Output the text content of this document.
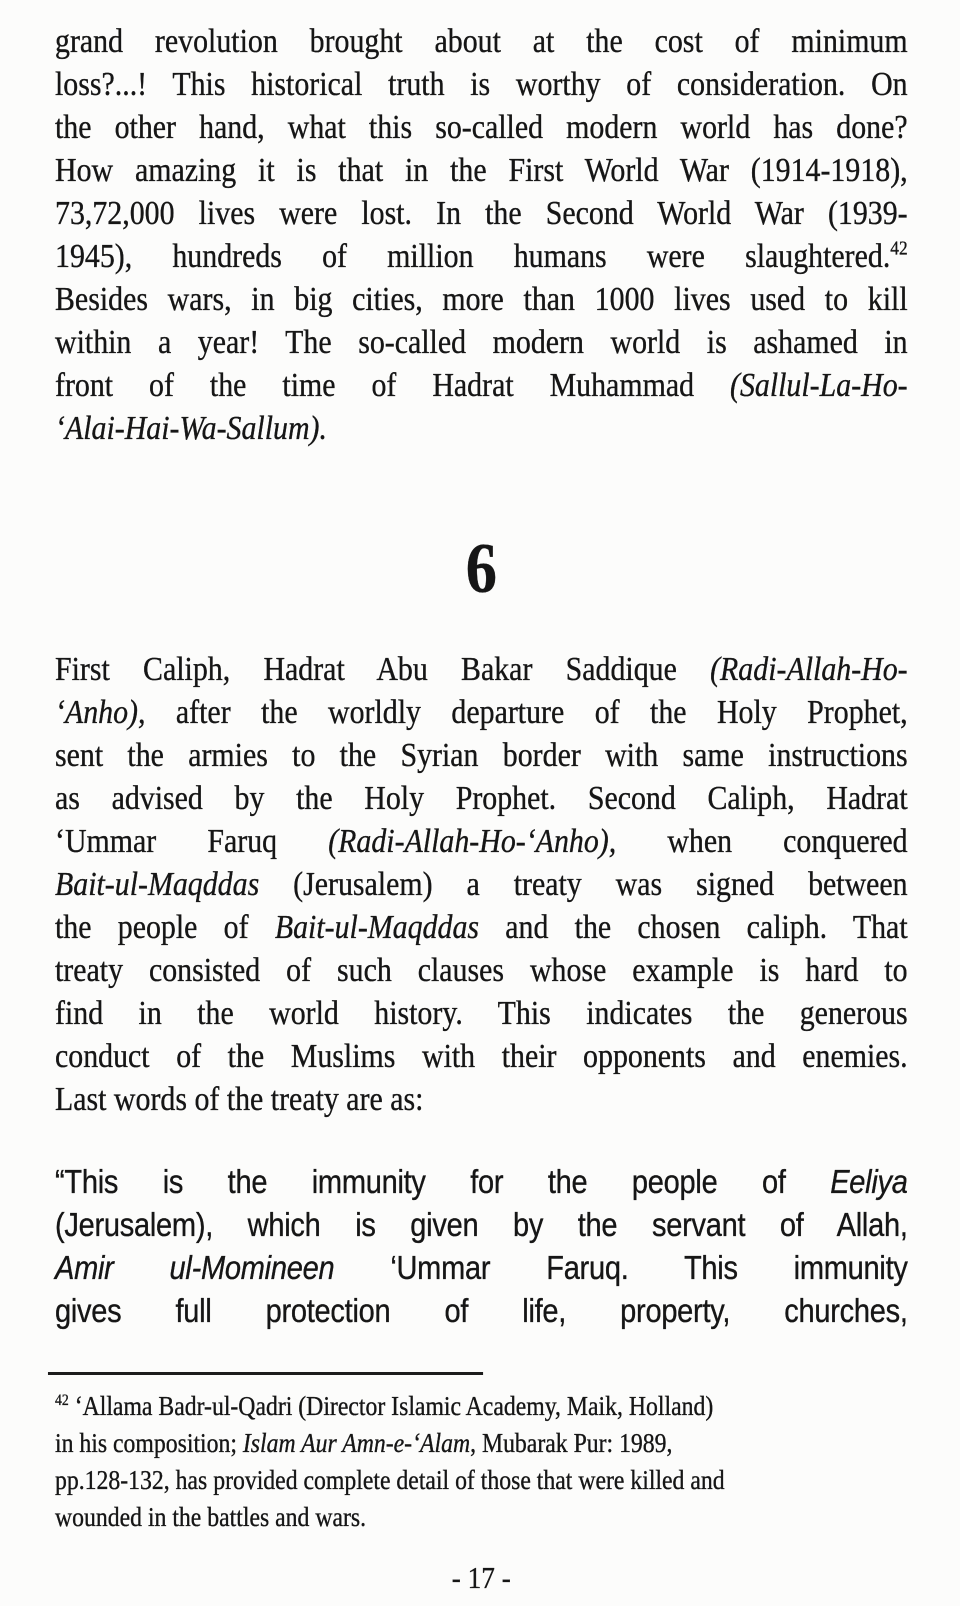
grand revolution brought about at the cost of minimum
loss?...! This historical truth is worthy of consideration. On
the other hand, what this so-called modern world has done?
How amazing it is that in the First World War (1914-1918),
73,72,000 lives were lost. In the Second World War (1939-
1945), hundreds of million humans were slaughtered.$^{42}$
Besides wars, in big cities, more than 1000 lives used to kill
within a year! The so-called modern world is ashamed in
front of the time of Hadrat Muhammad (Sallul-La-Ho-
‘Alai-Hai-Wa-Sallum).
6
First Caliph, Hadrat Abu Bakar Saddique (Radi-Allah-Ho-
‘Anho), after the worldly departure of the Holy Prophet,
sent the armies to the Syrian border with same instructions
as advised by the Holy Prophet. Second Caliph, Hadrat
‘Ummar Faruq (Radi-Allah-Ho-‘Anho), when conquered
Bait-ul-Maqddas (Jerusalem) a treaty was signed between
the people of Bait-ul-Maqddas and the chosen caliph. That
treaty consisted of such clauses whose example is hard to
find in the world history. This indicates the generous
conduct of the Muslims with their opponents and enemies.
Last words of the treaty are as:
“This is the immunity for the people of Eeliya
(Jerusalem), which is given by the servant of Allah,
Amir ul-Momineen ‘Ummar Faruq. This immunity
gives full protection of life, property, churches,
$^{42}$ ‘Allama Badr-ul-Qadri (Director Islamic Academy, Maik, Holland)
in his composition; Islam Aur Amn-e-‘Alam, Mubarak Pur: 1989,
pp.128-132, has provided complete detail of those that were killed and
wounded in the battles and wars.
- 17 -
